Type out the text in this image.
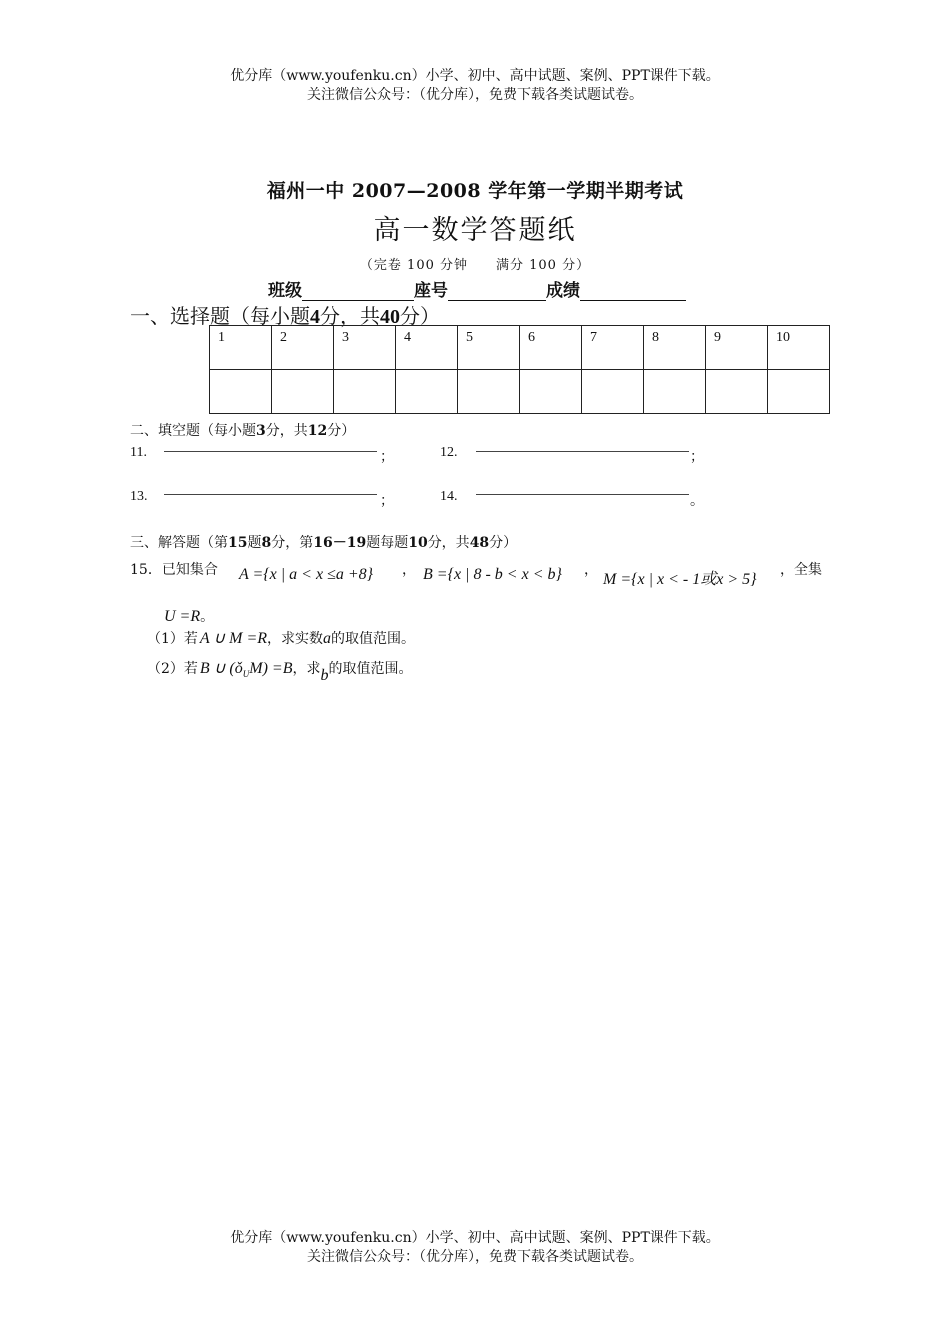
优分库（www.youfenku.cn）小学、初中、高中试题、案例、PPT课件下载。
关注微信公众号：（优分库），免费下载各类试题试卷。
福州一中 2007—2008 学年第一学期半期考试
高一数学答题纸
（完卷 100 分钟　　满分 100 分）
班级	座号	成绩
一、选择题（每小题4分，共40分）
1	2	3	4	5	6	7	8	9	10

二、填空题（每小题3分，共12分）
11.	；	12.	；
13.	；	14.	。
三、解答题（第15题8分，第16－19题每题10分，共48分）
15．已知集合 A ={x | a < x ≤a +8} ， B ={x | 8 - b < x < b} ，
M ={x | x < - 1或x > 5}
，全集
U =R。
（1）若 A ∪ M =R，求实数a的取值范围。
（2）若 B ∪ $(ǒ_UM) =B$，求b的取值范围。
优分库（www.youfenku.cn）小学、初中、高中试题、案例、PPT课件下载。
关注微信公众号：（优分库），免费下载各类试题试卷。
